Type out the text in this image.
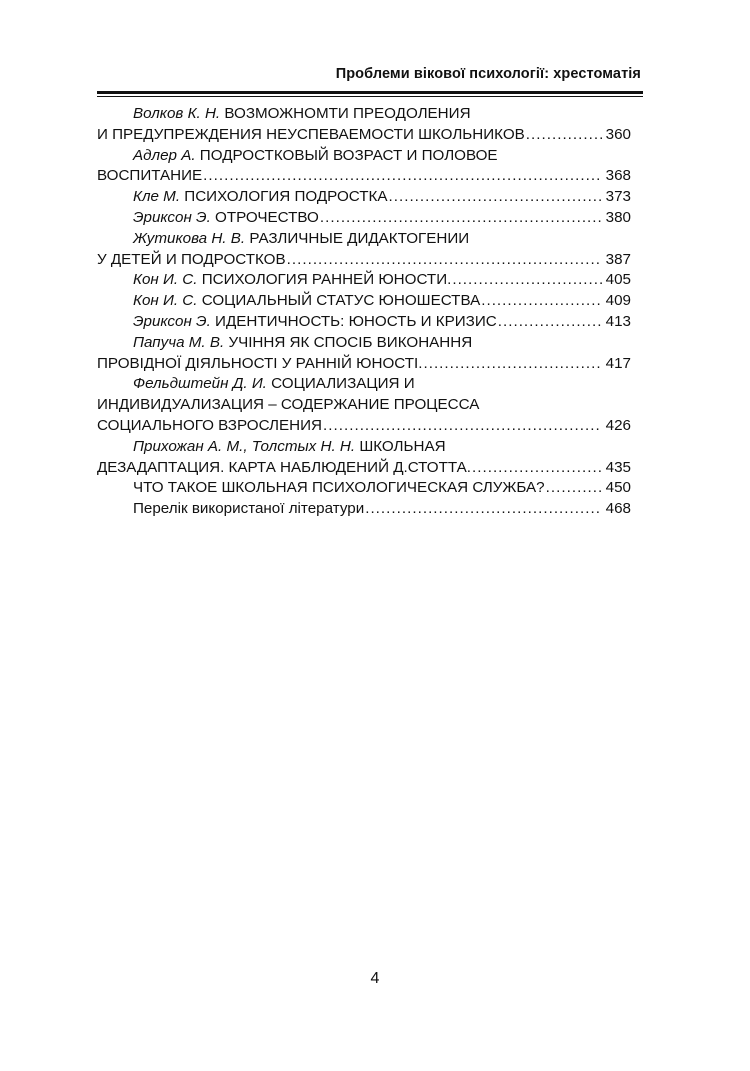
Проблеми вікової психології: хрестоматія
Волков К. Н. ВОЗМОЖНОМТИ ПРЕОДОЛЕНИЯ
И ПРЕДУПРЕЖДЕНИЯ НЕУСПЕВАЕМОСТИ ШКОЛЬНИКОВ . . .	360
Адлер А. ПОДРОСТКОВЫЙ ВОЗРАСТ И ПОЛОВОЕ
ВОСПИТАНИЕ . . .	368
Кле М. ПСИХОЛОГИЯ ПОДРОСТКА . . .	373
Эриксон Э. ОТРОЧЕСТВО . . .	380
Жутикова Н. В. РАЗЛИЧНЫЕ ДИДАКТОГЕНИИ
У ДЕТЕЙ И ПОДРОСТКОВ . . .	387
Кон И. С. ПСИХОЛОГИЯ РАННЕЙ ЮНОСТИ. . . .	405
Кон И. С. СОЦИАЛЬНЫЙ СТАТУС ЮНОШЕСТВА . . .	409
Эриксон Э. ИДЕНТИЧНОСТЬ: ЮНОСТЬ И КРИЗИС . . .	413
Папуча М. В. УЧІННЯ ЯК СПОСІБ ВИКОНАННЯ
ПРОВІДНОЇ ДІЯЛЬНОСТІ У РАННІЙ ЮНОСТІ. . . .	417
Фельдштейн Д. И. СОЦИАЛИЗАЦИЯ И
ИНДИВИДУАЛИЗАЦИЯ – СОДЕРЖАНИЕ ПРОЦЕССА
СОЦИАЛЬНОГО ВЗРОСЛЕНИЯ . . .	426
Прихожан А. М., Толстых Н. Н. ШКОЛЬНАЯ
ДЕЗАДАПТАЦИЯ. КАРТА НАБЛЮДЕНИЙ Д.СТОТТА. . . .	435
ЧТО ТАКОЕ ШКОЛЬНАЯ ПСИХОЛОГИЧЕСКАЯ СЛУЖБА? . . .	450
Перелік використаної літератури . . .	468
4
